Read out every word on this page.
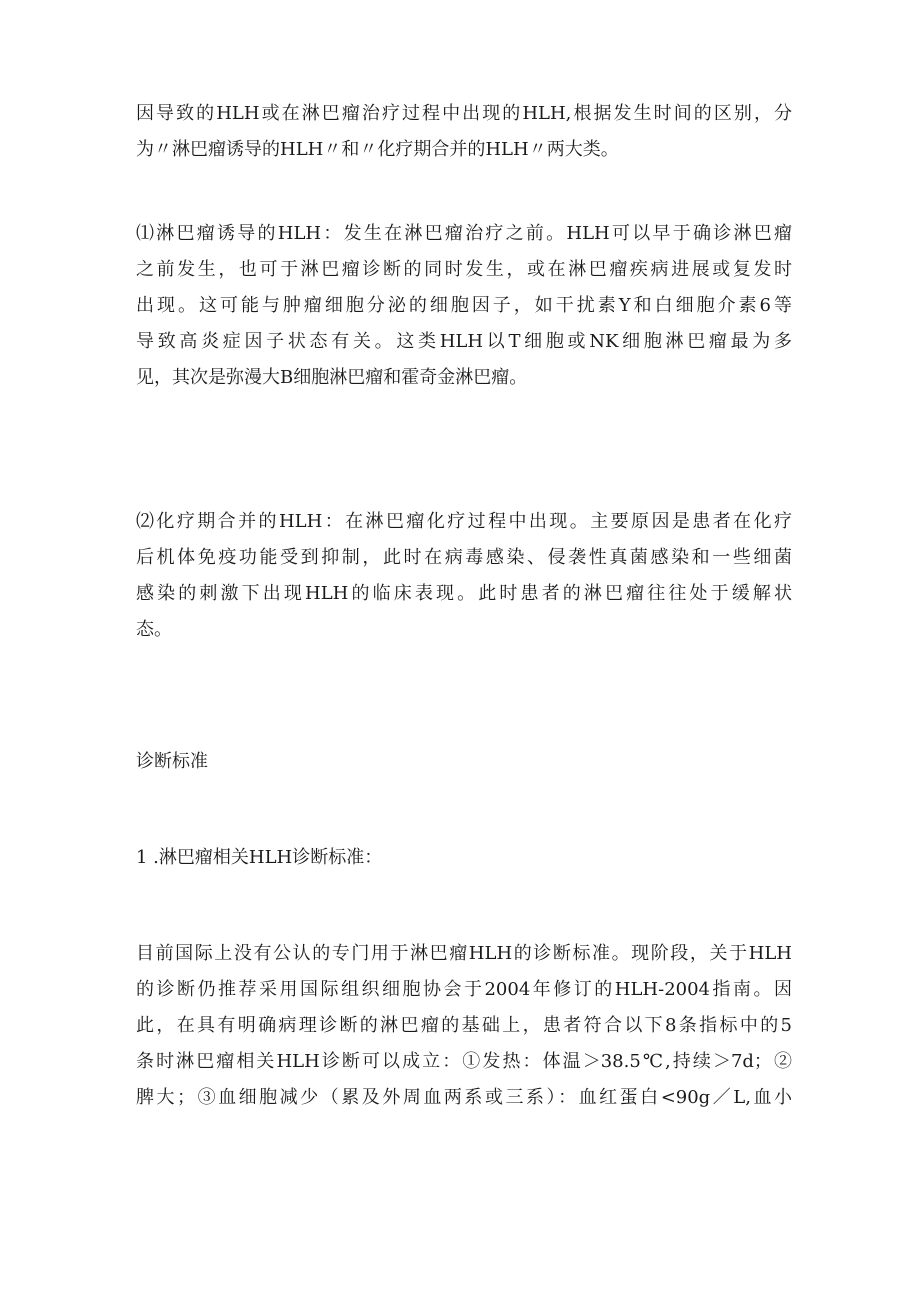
因导致的HLH或在淋巴瘤治疗过程中出现的HLH,根据发生时间的区别，分
为〃淋巴瘤诱导的HLH〃和〃化疗期合并的HLH〃两大类。
⑴淋巴瘤诱导的HLH：发生在淋巴瘤治疗之前。HLH可以早于确诊淋巴瘤
之前发生，也可于淋巴瘤诊断的同时发生，或在淋巴瘤疾病进展或复发时
出现。这可能与肿瘤细胞分泌的细胞因子，如干扰素Y和白细胞介素6等
导致高炎症因子状态有关。这类HLH以T细胞或NK细胞淋巴瘤最为多
见，其次是弥漫大B细胞淋巴瘤和霍奇金淋巴瘤。
⑵化疗期合并的HLH：在淋巴瘤化疗过程中出现。主要原因是患者在化疗
后机体免疫功能受到抑制，此时在病毒感染、侵袭性真菌感染和一些细菌
感染的刺激下出现HLH的临床表现。此时患者的淋巴瘤往往处于缓解状
态。
诊断标准
1 .淋巴瘤相关HLH诊断标准：
目前国际上没有公认的专门用于淋巴瘤HLH的诊断标准。现阶段，关于HLH
的诊断仍推荐采用国际组织细胞协会于2004年修订的HLH-2004指南。因
此，在具有明确病理诊断的淋巴瘤的基础上，患者符合以下8条指标中的5
条时淋巴瘤相关HLH诊断可以成立：①发热：体温＞38.5℃,持续＞7d；②
脾大；③血细胞减少（累及外周血两系或三系）：血红蛋白<90g／L,血小
